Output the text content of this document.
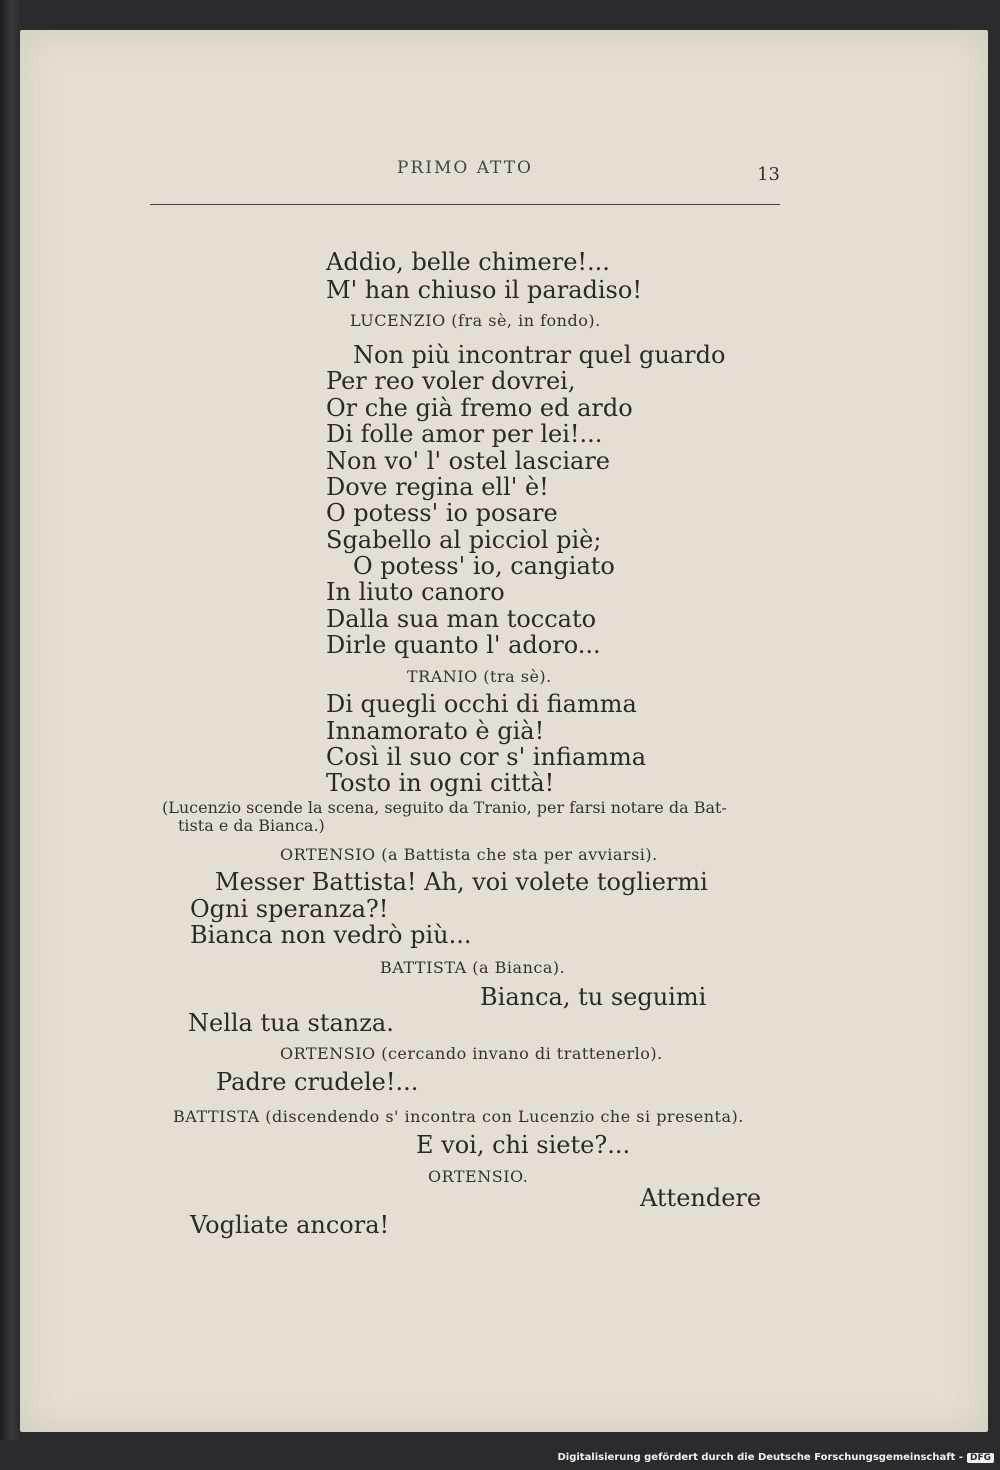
PRIMO ATTO	13
Addio, belle chimere!...
M' han chiuso il paradiso!
LUCENZIO (fra sè, in fondo).
Non più incontrar quel guardo
Per reo voler dovrei,
Or che già fremo ed ardo
Di folle amor per lei!...
Non vo' l' ostel lasciare
Dove regina ell' è!
O potess' io posare
Sgabello al picciol piè;
O potess' io, cangiato
In liuto canoro
Dalla sua man toccato
Dirle quanto l' adoro...
TRANIO (tra sè).
Di quegli occhi di fiamma
Innamorato è già!
Così il suo cor s' infiamma
Tosto in ogni città!
(Lucenzio scende la scena, seguito da Tranio, per farsi notare da Bat-
tista e da Bianca.)
ORTENSIO (a Battista che sta per avviarsi).
Messer Battista! Ah, voi volete togliermi
Ogni speranza?!
Bianca non vedrò più...
BATTISTA (a Bianca).
Bianca, tu seguimi
Nella tua stanza.
ORTENSIO (cercando invano di trattenerlo).
Padre crudele!...
BATTISTA (discendendo s' incontra con Lucenzio che si presenta).
E voi, chi siete?...
ORTENSIO.
Attendere
Vogliate ancora!
Digitalisierung gefördert durch die Deutsche Forschungsgemeinschaft - DFG
